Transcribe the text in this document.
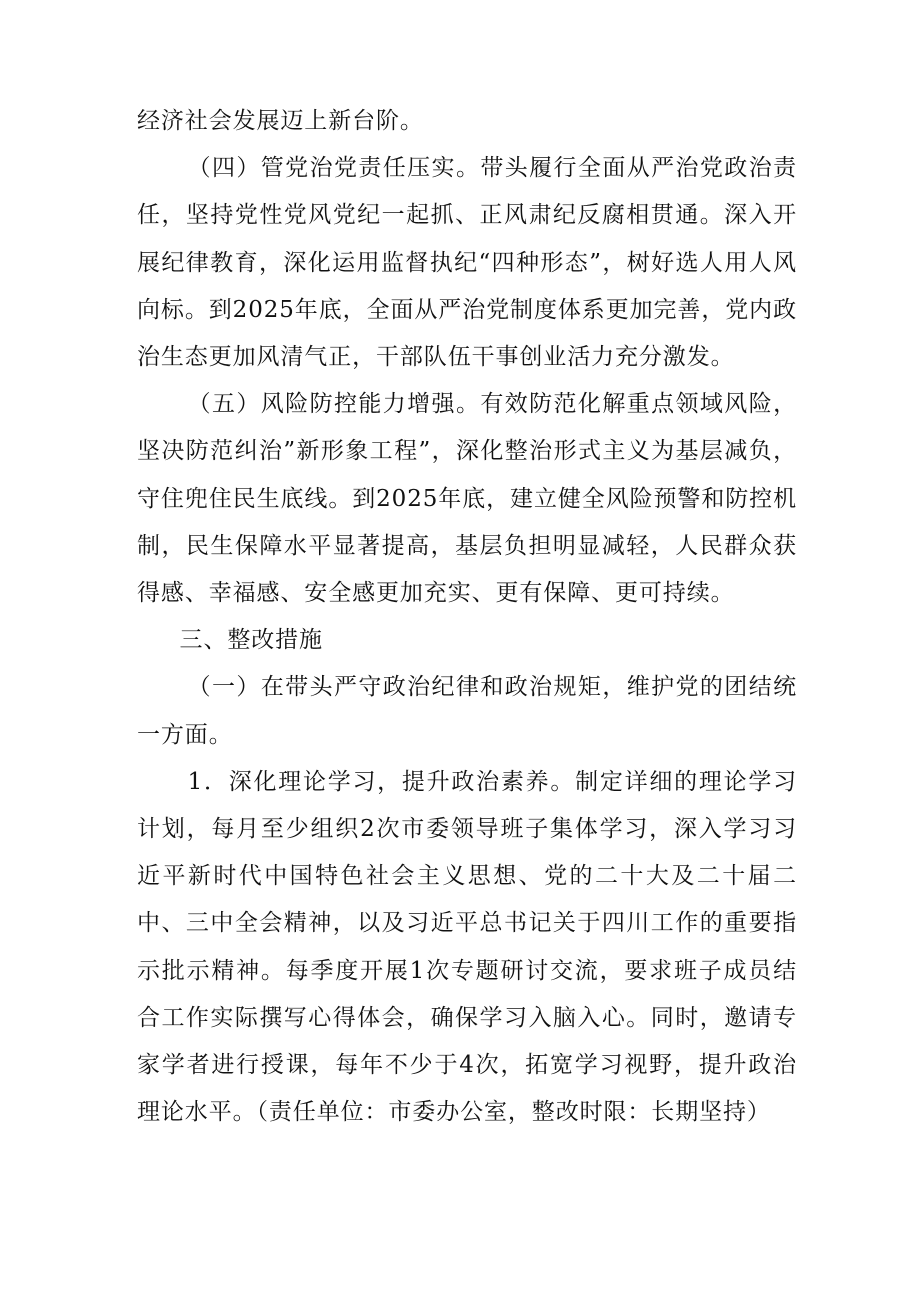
经济社会发展迈上新台阶。

（四）管党治党责任压实。带头履行全面从严治党政治责任，坚持党性党风党纪一起抓、正风肃纪反腐相贯通。深入开展纪律教育，深化运用监督执纪“四种形态”，树好选人用人风向标。到2025年底，全面从严治党制度体系更加完善，党内政治生态更加风清气正，干部队伍干事创业活力充分激发。

（五）风险防控能力增强。有效防范化解重点领域风险，坚决防范纠治”新形象工程”，深化整治形式主义为基层减负，守住兜住民生底线。到2025年底，建立健全风险预警和防控机制，民生保障水平显著提高，基层负担明显减轻，人民群众获得感、幸福感、安全感更加充实、更有保障、更可持续。

三、整改措施

（一）在带头严守政治纪律和政治规矩，维护党的团结统一方面。

1．深化理论学习，提升政治素养。制定详细的理论学习计划，每月至少组织2次市委领导班子集体学习，深入学习习近平新时代中国特色社会主义思想、党的二十大及二十届二中、三中全会精神，以及习近平总书记关于四川工作的重要指示批示精神。每季度开展1次专题研讨交流，要求班子成员结合工作实际撰写心得体会，确保学习入脑入心。同时，邀请专家学者进行授课，每年不少于4次，拓宽学习视野，提升政治理论水平。（责任单位：市委办公室，整改时限：长期坚持）
